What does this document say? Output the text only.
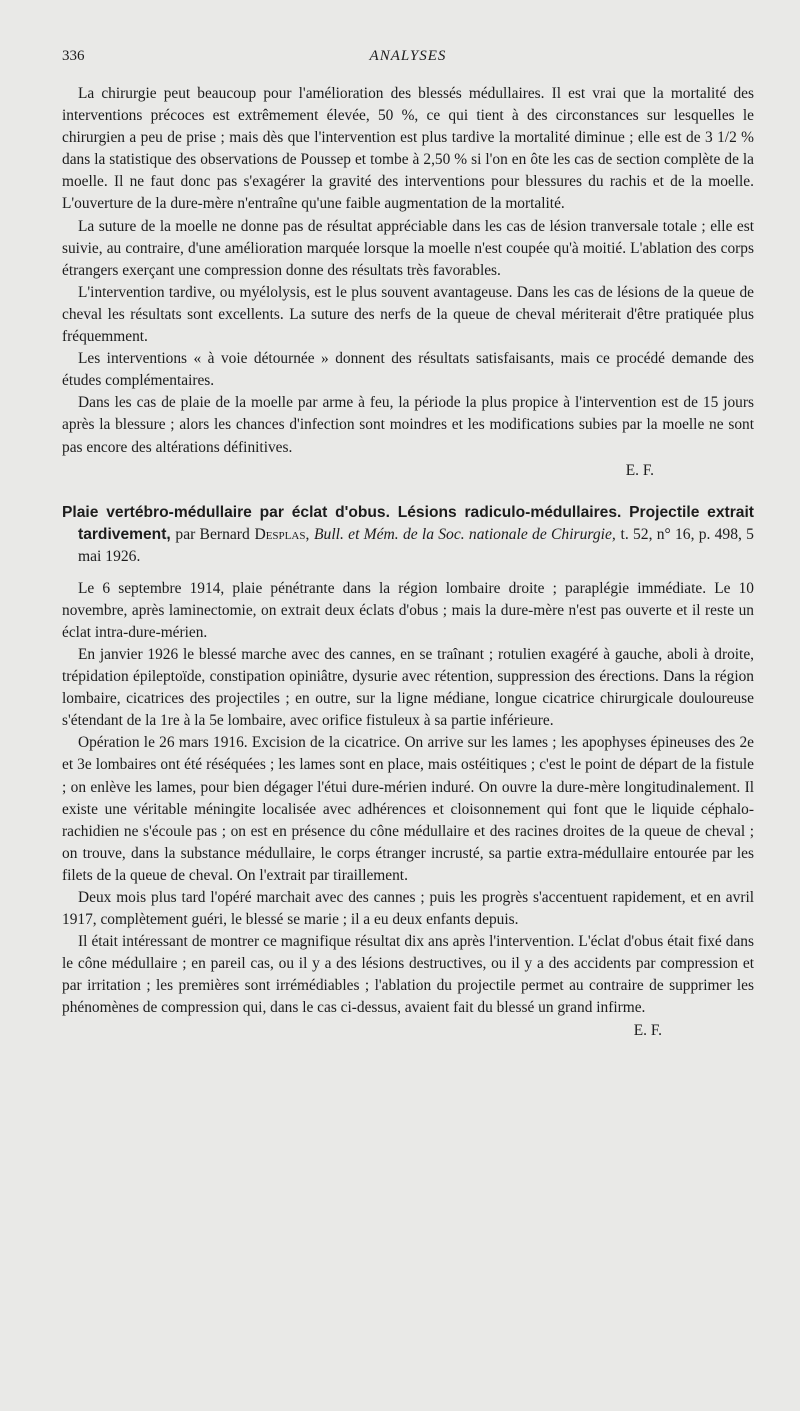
336	ANALYSES

La chirurgie peut beaucoup pour l'amélioration des blessés médullaires. Il est vrai que la mortalité des interventions précoces est extrêmement élevée, 50 %, ce qui tient à des circonstances sur lesquelles le chirurgien a peu de prise ; mais dès que l'intervention est plus tardive la mortalité diminue ; elle est de 3 1/2 % dans la statistique des observations de Poussep et tombe à 2,50 % si l'on en ôte les cas de section complète de la moelle. Il ne faut donc pas s'exagérer la gravité des interventions pour blessures du rachis et de la moelle. L'ouverture de la dure-mère n'entraîne qu'une faible augmentation de la mortalité.

La suture de la moelle ne donne pas de résultat appréciable dans les cas de lésion tranversale totale ; elle est suivie, au contraire, d'une amélioration marquée lorsque la moelle n'est coupée qu'à moitié. L'ablation des corps étrangers exerçant une compression donne des résultats très favorables.

L'intervention tardive, ou myélolysis, est le plus souvent avantageuse. Dans les cas de lésions de la queue de cheval les résultats sont excellents. La suture des nerfs de la queue de cheval mériterait d'être pratiquée plus fréquemment.

Les interventions « à voie détournée » donnent des résultats satisfaisants, mais ce procédé demande des études complémentaires.

Dans les cas de plaie de la moelle par arme à feu, la période la plus propice à l'intervention est de 15 jours après la blessure ; alors les chances d'infection sont moindres et les modifications subies par la moelle ne sont pas encore des altérations définitives.

E. F.

Plaie vertébro-médullaire par éclat d'obus. Lésions radiculo-médullaires. Projectile extrait tardivement, par Bernard Desplas, Bull. et Mém. de la Soc. nationale de Chirurgie, t. 52, n° 16, p. 498, 5 mai 1926.

Le 6 septembre 1914, plaie pénétrante dans la région lombaire droite ; paraplégie immédiate. Le 10 novembre, après laminectomie, on extrait deux éclats d'obus ; mais la dure-mère n'est pas ouverte et il reste un éclat intra-dure-mérien.

En janvier 1926 le blessé marche avec des cannes, en se traînant ; rotulien exagéré à gauche, aboli à droite, trépidation épileptoïde, constipation opiniâtre, dysurie avec rétention, suppression des érections. Dans la région lombaire, cicatrices des projectiles ; en outre, sur la ligne médiane, longue cicatrice chirurgicale douloureuse s'étendant de la 1re à la 5e lombaire, avec orifice fistuleux à sa partie inférieure.

Opération le 26 mars 1916. Excision de la cicatrice. On arrive sur les lames ; les apophyses épineuses des 2e et 3e lombaires ont été réséquées ; les lames sont en place, mais ostéitiques ; c'est le point de départ de la fistule ; on enlève les lames, pour bien dégager l'étui dure-mérien induré. On ouvre la dure-mère longitudinalement. Il existe une véritable méningite localisée avec adhérences et cloisonnement qui font que le liquide céphalo-rachidien ne s'écoule pas ; on est en présence du cône médullaire et des racines droites de la queue de cheval ; on trouve, dans la substance médullaire, le corps étranger incrusté, sa partie extra-médullaire entourée par les filets de la queue de cheval. On l'extrait par tiraillement.

Deux mois plus tard l'opéré marchait avec des cannes ; puis les progrès s'accentuent rapidement, et en avril 1917, complètement guéri, le blessé se marie ; il a eu deux enfants depuis.

Il était intéressant de montrer ce magnifique résultat dix ans après l'intervention. L'éclat d'obus était fixé dans le cône médullaire ; en pareil cas, ou il y a des lésions destructives, ou il y a des accidents par compression et par irritation ; les premières sont irrémédiables ; l'ablation du projectile permet au contraire de supprimer les phénomènes de compression qui, dans le cas ci-dessus, avaient fait du blessé un grand infirme.

E. F.
